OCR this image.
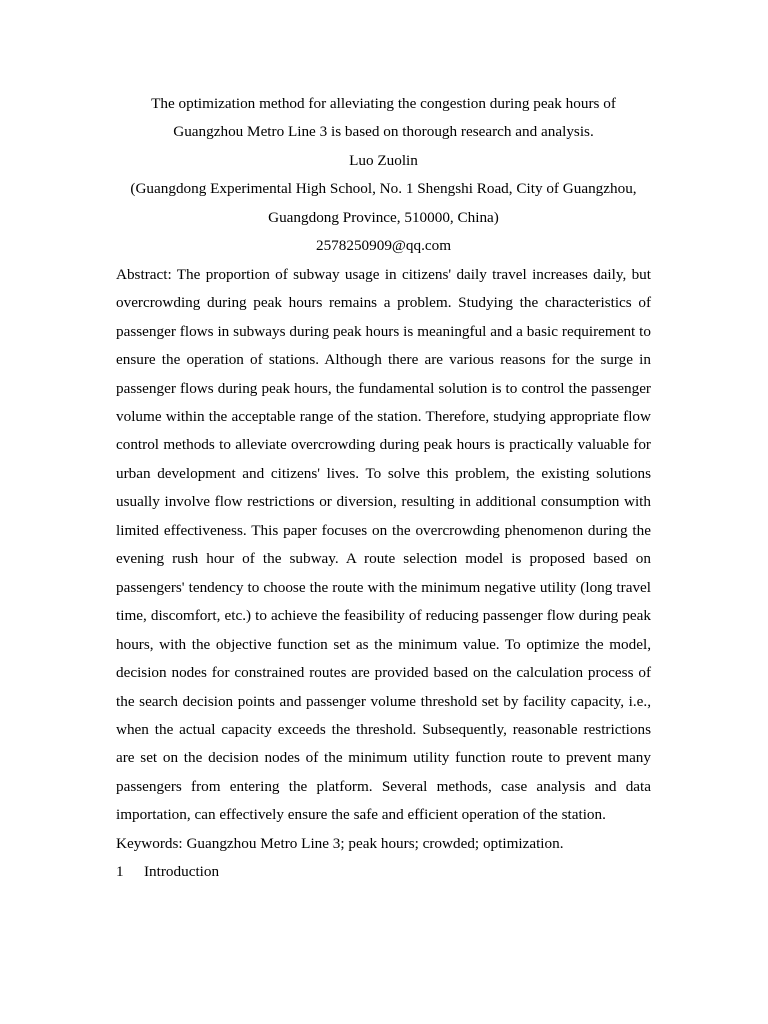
The optimization method for alleviating the congestion during peak hours of
Guangzhou Metro Line 3 is based on thorough research and analysis.
Luo Zuolin
(Guangdong Experimental High School, No. 1 Shengshi Road, City of Guangzhou,
Guangdong Province, 510000, China)
2578250909@qq.com

Abstract: The proportion of subway usage in citizens' daily travel increases daily, but overcrowding during peak hours remains a problem. Studying the characteristics of passenger flows in subways during peak hours is meaningful and a basic requirement to ensure the operation of stations. Although there are various reasons for the surge in passenger flows during peak hours, the fundamental solution is to control the passenger volume within the acceptable range of the station. Therefore, studying appropriate flow control methods to alleviate overcrowding during peak hours is practically valuable for urban development and citizens' lives. To solve this problem, the existing solutions usually involve flow restrictions or diversion, resulting in additional consumption with limited effectiveness. This paper focuses on the overcrowding phenomenon during the evening rush hour of the subway. A route selection model is proposed based on passengers' tendency to choose the route with the minimum negative utility (long travel time, discomfort, etc.) to achieve the feasibility of reducing passenger flow during peak hours, with the objective function set as the minimum value. To optimize the model, decision nodes for constrained routes are provided based on the calculation process of the search decision points and passenger volume threshold set by facility capacity, i.e., when the actual capacity exceeds the threshold. Subsequently, reasonable restrictions are set on the decision nodes of the minimum utility function route to prevent many passengers from entering the platform. Several methods, case analysis and data importation, can effectively ensure the safe and efficient operation of the station.

Keywords: Guangzhou Metro Line 3; peak hours; crowded; optimization.

1	Introduction
